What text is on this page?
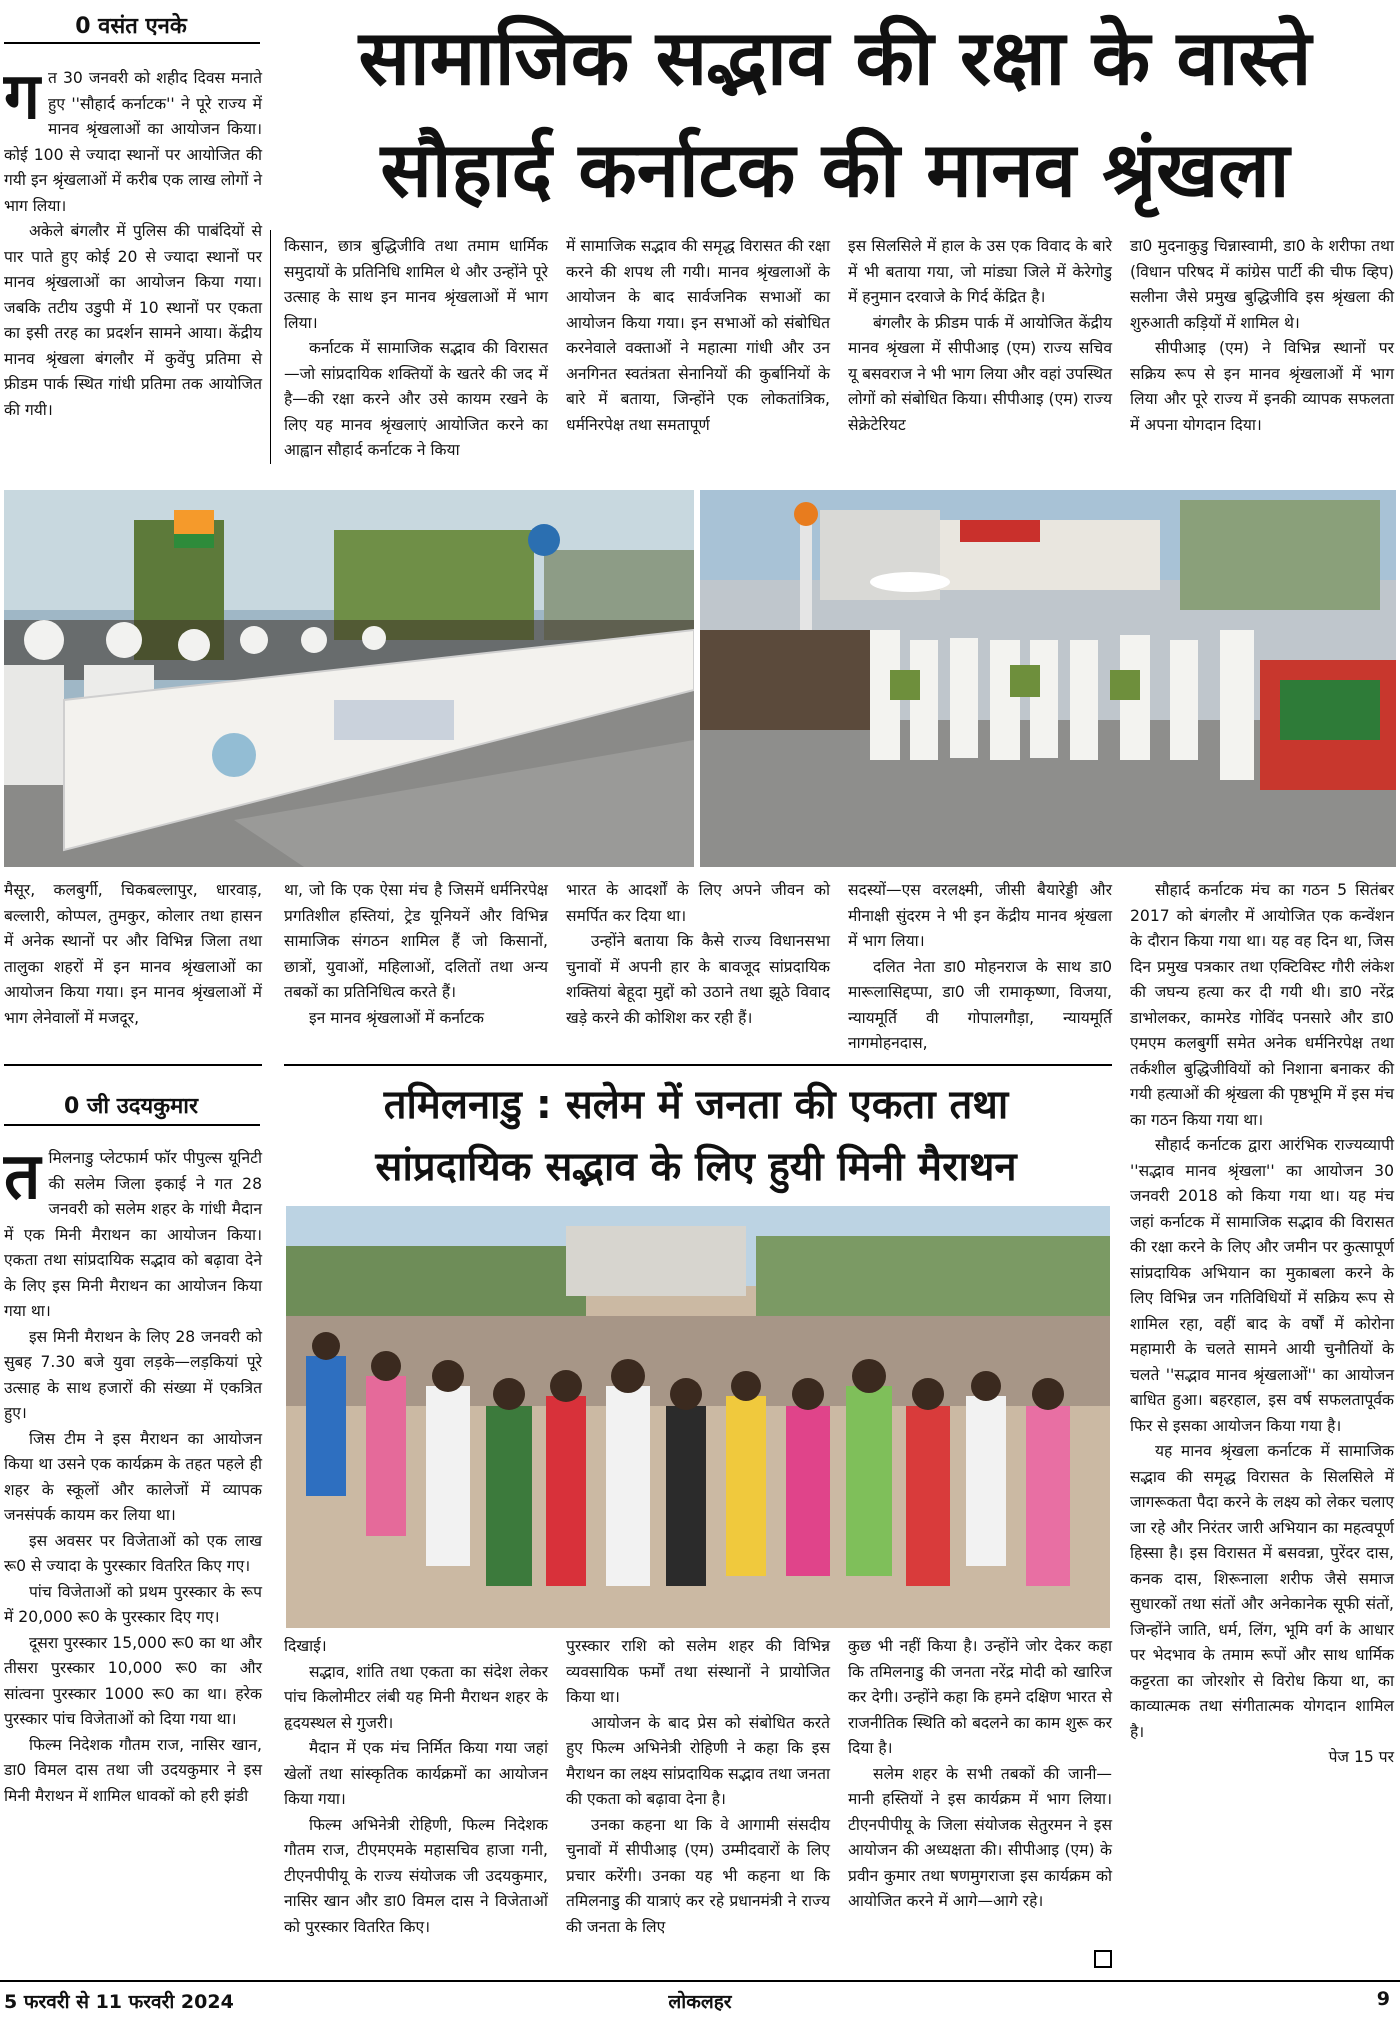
0 वसंत एनके	सामाजिक सद्भाव की रक्षा के वास्ते
सौहार्द कर्नाटक की मानव श्रृंखला
ग त 30 जनवरी को शहीद दिवस मनाते हुए ''सौहार्द कर्नाटक'' ने पूरे राज्य में मानव श्रृंखलाओं का आयोजन किया। कोई 100 से ज्यादा स्थानों पर आयोजित की गयी इन श्रृंखलाओं में करीब एक लाख लोगों ने भाग लिया।

अकेले बंगलौर में पुलिस की पाबंदियों से पार पाते हुए कोई 20 से ज्यादा स्थानों पर मानव श्रृंखलाओं का आयोजन किया गया। जबकि तटीय उडुपी में 10 स्थानों पर एकता का इसी तरह का प्रदर्शन सामने आया। केंद्रीय मानव श्रृंखला बंगलौर में कुवेंपु प्रतिमा से फ्रीडम पार्क स्थित गांधी प्रतिमा तक आयोजित की गयी।

किसान, छात्र बुद्धिजीवि तथा तमाम धार्मिक समुदायों के प्रतिनिधि शामिल थे और उन्होंने पूरे उत्साह के साथ इन मानव श्रृंखलाओं में भाग लिया।

कर्नाटक में सामाजिक सद्भाव की विरासत—जो सांप्रदायिक शक्तियों के खतरे की जद में है—की रक्षा करने और उसे कायम रखने के लिए यह मानव श्रृंखलाएं आयोजित करने का आह्वान सौहार्द कर्नाटक ने किया

में सामाजिक सद्भाव की समृद्ध विरासत की रक्षा करने की शपथ ली गयी। मानव श्रृंखलाओं के आयोजन के बाद सार्वजनिक सभाओं का आयोजन किया गया। इन सभाओं को संबोधित करनेवाले वक्ताओं ने महात्मा गांधी और उन अनगिनत स्वतंत्रता सेनानियों की कुर्बानियों के बारे में बताया, जिन्होंने एक लोकतांत्रिक, धर्मनिरपेक्ष तथा समतापूर्ण

इस सिलसिले में हाल के उस एक विवाद के बारे में भी बताया गया, जो मांड्या जिले में केरेगोडु में हनुमान दरवाजे के गिर्द केंद्रित है।

बंगलौर के फ्रीडम पार्क में आयोजित केंद्रीय मानव श्रृंखला में सीपीआइ (एम) राज्य सचिव यू बसवराज ने भी भाग लिया और वहां उपस्थित लोगों को संबोधित किया। सीपीआइ (एम) राज्य सेक्रेटेरियट

डा0 मुदनाकुडु चिन्नास्वामी, डा0 के शरीफा तथा (विधान परिषद में कांग्रेस पार्टी की चीफ व्हिप) सलीना जैसे प्रमुख बुद्धिजीवि इस श्रृंखला की शुरुआती कड़ियों में शामिल थे।

सीपीआइ (एम) ने विभिन्न स्थानों पर सक्रिय रूप से इन मानव श्रृंखलाओं में भाग लिया और पूरे राज्य में इनकी व्यापक सफलता में अपना योगदान दिया।

मैसूर, कलबुर्गी, चिकबल्लापुर, धारवाड़, बल्लारी, कोप्पल, तुमकुर, कोलार तथा हासन में अनेक स्थानों पर और विभिन्न जिला तथा तालुका शहरों में इन मानव श्रृंखलाओं का आयोजन किया गया। इन मानव श्रृंखलाओं में भाग लेनेवालों में मजदूर,

था, जो कि एक ऐसा मंच है जिसमें धर्मनिरपेक्ष प्रगतिशील हस्तियां, ट्रेड यूनियनें और विभिन्न सामाजिक संगठन शामिल हैं जो किसानों, छात्रों, युवाओं, महिलाओं, दलितों तथा अन्य तबकों का प्रतिनिधित्व करते हैं।

इन मानव श्रृंखलाओं में कर्नाटक

भारत के आदर्शों के लिए अपने जीवन को समर्पित कर दिया था।

उन्होंने बताया कि कैसे राज्य विधानसभा चुनावों में अपनी हार के बावजूद सांप्रदायिक शक्तियां बेहूदा मुद्दों को उठाने तथा झूठे विवाद खड़े करने की कोशिश कर रही हैं।

सदस्यों—एस वरलक्ष्मी, जीसी बैयारेड्डी और मीनाक्षी सुंदरम ने भी इन केंद्रीय मानव श्रृंखला में भाग लिया।

दलित नेता डा0 मोहनराज के साथ डा0 मारूलासिद्दप्पा, डा0 जी रामाकृष्णा, विजया, न्यायमूर्ति वी गोपालगौड़ा, न्यायमूर्ति नागमोहनदास,

सौहार्द कर्नाटक मंच का गठन 5 सितंबर 2017 को बंगलौर में आयोजित एक कन्वेंशन के दौरान किया गया था। यह वह दिन था, जिस दिन प्रमुख पत्रकार तथा एक्टिविस्ट गौरी लंकेश की जघन्य हत्या कर दी गयी थी। डा0 नरेंद्र डाभोलकर, कामरेड गोविंद पनसारे और डा0 एमएम कलबुर्गी समेत अनेक धर्मनिरपेक्ष तथा तर्कशील बुद्धिजीवियों को निशाना बनाकर की गयी हत्याओं की श्रृंखला की पृष्ठभूमि में इस मंच का गठन किया गया था।

सौहार्द कर्नाटक द्वारा आरंभिक राज्यव्यापी ''सद्भाव मानव श्रृंखला'' का आयोजन 30 जनवरी 2018 को किया गया था। यह मंच जहां कर्नाटक में सामाजिक सद्भाव की विरासत की रक्षा करने के लिए और जमीन पर कुत्सापूर्ण सांप्रदायिक अभियान का मुकाबला करने के लिए विभिन्न जन गतिविधियों में सक्रिय रूप से शामिल रहा, वहीं बाद के वर्षों में कोरोना महामारी के चलते सामने आयी चुनौतियों के चलते ''सद्भाव मानव श्रृंखलाओं'' का आयोजन बाधित हुआ। बहरहाल, इस वर्ष सफलतापूर्वक फिर से इसका आयोजन किया गया है।

यह मानव श्रृंखला कर्नाटक में सामाजिक सद्भाव की समृद्ध विरासत के सिलसिले में जागरूकता पैदा करने के लक्ष्य को लेकर चलाए जा रहे और निरंतर जारी अभियान का महत्वपूर्ण हिस्सा है। इस विरासत में बसवन्ना, पुरेंदर दास, कनक दास, शिरूनाला शरीफ जैसे समाज सुधारकों तथा संतों और अनेकानेक सूफी संतों, जिन्होंने जाति, धर्म, लिंग, भूमि वर्ग के आधार पर भेदभाव के तमाम रूपों और साथ धार्मिक कट्टरता का जोरशोर से विरोध किया था, का काव्यात्मक तथा संगीतात्मक योगदान शामिल है।

पेज 15 पर

0 जी उदयकुमार	तमिलनाडु : सलेम में जनता की एकता तथा
सांप्रदायिक सद्भाव के लिए हुयी मिनी मैराथन
त मिलनाडु प्लेटफार्म फॉर पीपुल्स यूनिटी की सलेम जिला इकाई ने गत 28 जनवरी को सलेम शहर के गांधी मैदान में एक मिनी मैराथन का आयोजन किया। एकता तथा सांप्रदायिक सद्भाव को बढ़ावा देने के लिए इस मिनी मैराथन का आयोजन किया गया था।

इस मिनी मैराथन के लिए 28 जनवरी को सुबह 7.30 बजे युवा लड़के—लड़कियां पूरे उत्साह के साथ हजारों की संख्या में एकत्रित हुए।

जिस टीम ने इस मैराथन का आयोजन किया था उसने एक कार्यक्रम के तहत पहले ही शहर के स्कूलों और कालेजों में व्यापक जनसंपर्क कायम कर लिया था।

इस अवसर पर विजेताओं को एक लाख रू0 से ज्यादा के पुरस्कार वितरित किए गए।

पांच विजेताओं को प्रथम पुरस्कार के रूप में 20,000 रू0 के पुरस्कार दिए गए।

दूसरा पुरस्कार 15,000 रू0 का था और तीसरा पुरस्कार 10,000 रू0 का और सांत्वना पुरस्कार 1000 रू0 का था। हरेक पुरस्कार पांच विजेताओं को दिया गया था।

फिल्म निदेशक गौतम राज, नासिर खान, डा0 विमल दास तथा जी उदयकुमार ने इस मिनी मैराथन में शामिल धावकों को हरी झंडी

दिखाई।

सद्भाव, शांति तथा एकता का संदेश लेकर पांच किलोमीटर लंबी यह मिनी मैराथन शहर के हृदयस्थल से गुजरी।

मैदान में एक मंच निर्मित किया गया जहां खेलों तथा सांस्कृतिक कार्यक्रमों का आयोजन किया गया।

फिल्म अभिनेत्री रोहिणी, फिल्म निदेशक गौतम राज, टीएमएमके महासचिव हाजा गनी, टीएनपीपीयू के राज्य संयोजक जी उदयकुमार, नासिर खान और डा0 विमल दास ने विजेताओं को पुरस्कार वितरित किए।

पुरस्कार राशि को सलेम शहर की विभिन्न व्यवसायिक फर्मों तथा संस्थानों ने प्रायोजित किया था।

आयोजन के बाद प्रेस को संबोधित करते हुए फिल्म अभिनेत्री रोहिणी ने कहा कि इस मैराथन का लक्ष्य सांप्रदायिक सद्भाव तथा जनता की एकता को बढ़ावा देना है।

उनका कहना था कि वे आगामी संसदीय चुनावों में सीपीआइ (एम) उम्मीदवारों के लिए प्रचार करेंगी। उनका यह भी कहना था कि तमिलनाडु की यात्राएं कर रहे प्रधानमंत्री ने राज्य की जनता के लिए

कुछ भी नहीं किया है। उन्होंने जोर देकर कहा कि तमिलनाडु की जनता नरेंद्र मोदी को खारिज कर देगी। उन्होंने कहा कि हमने दक्षिण भारत से राजनीतिक स्थिति को बदलने का काम शुरू कर दिया है।

सलेम शहर के सभी तबकों की जानी—मानी हस्तियों ने इस कार्यक्रम में भाग लिया। टीएनपीपीयू के जिला संयोजक सेतुरमन ने इस आयोजन की अध्यक्षता की। सीपीआइ (एम) के प्रवीन कुमार तथा षणमुगराजा इस कार्यक्रम को आयोजित करने में आगे—आगे रहे।

5 फरवरी से 11 फरवरी 2024	लोकलहर	9
